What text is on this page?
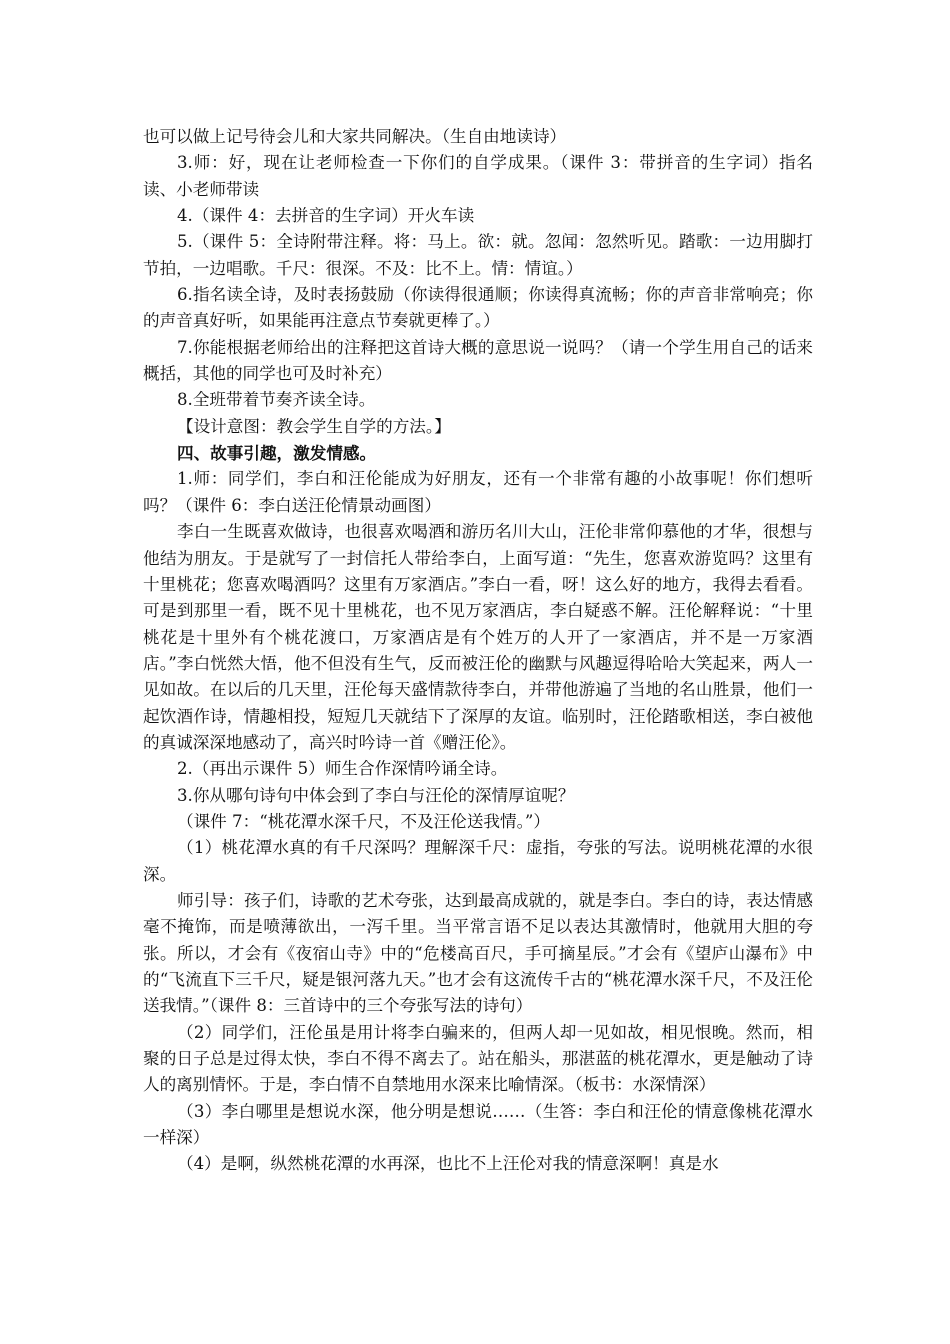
也可以做上记号待会儿和大家共同解决。（生自由地读诗）

3.师：好，现在让老师检查一下你们的自学成果。（课件 3：带拼音的生字词）指名读、小老师带读

4.（课件 4：去拼音的生字词）开火车读

5.（课件 5：全诗附带注释。将：马上。欲：就。忽闻：忽然听见。踏歌：一边用脚打节拍，一边唱歌。千尺：很深。不及：比不上。情：情谊。）

6.指名读全诗，及时表扬鼓励（你读得很通顺；你读得真流畅；你的声音非常响亮；你的声音真好听，如果能再注意点节奏就更棒了。）

7.你能根据老师给出的注释把这首诗大概的意思说一说吗？（请一个学生用自己的话来概括，其他的同学也可及时补充）

8.全班带着节奏齐读全诗。

【设计意图：教会学生自学的方法。】

四、故事引趣，激发情感。

1.师：同学们，李白和汪伦能成为好朋友，还有一个非常有趣的小故事呢！你们想听吗？（课件 6：李白送汪伦情景动画图）

李白一生既喜欢做诗，也很喜欢喝酒和游历名川大山，汪伦非常仰慕他的才华，很想与他结为朋友。于是就写了一封信托人带给李白，上面写道：“先生，您喜欢游览吗？这里有十里桃花；您喜欢喝酒吗？这里有万家酒店。”李白一看，呀！这么好的地方，我得去看看。可是到那里一看，既不见十里桃花，也不见万家酒店，李白疑惑不解。汪伦解释说：“十里桃花是十里外有个桃花渡口，万家酒店是有个姓万的人开了一家酒店，并不是一万家酒店。”李白恍然大悟，他不但没有生气，反而被汪伦的幽默与风趣逗得哈哈大笑起来，两人一见如故。在以后的几天里，汪伦每天盛情款待李白，并带他游遍了当地的名山胜景，他们一起饮酒作诗，情趣相投，短短几天就结下了深厚的友谊。临别时，汪伦踏歌相送，李白被他的真诚深深地感动了，高兴时吟诗一首《赠汪伦》。

2.（再出示课件 5）师生合作深情吟诵全诗。

3.你从哪句诗句中体会到了李白与汪伦的深情厚谊呢？

（课件 7：“桃花潭水深千尺，不及汪伦送我情。”）

（1）桃花潭水真的有千尺深吗？理解深千尺：虚指，夸张的写法。说明桃花潭的水很深。

师引导：孩子们，诗歌的艺术夸张，达到最高成就的，就是李白。李白的诗，表达情感毫不掩饰，而是喷薄欲出，一泻千里。当平常言语不足以表达其激情时，他就用大胆的夸张。所以，才会有《夜宿山寺》中的“危楼高百尺，手可摘星辰。”才会有《望庐山瀑布》中的“飞流直下三千尺，疑是银河落九天。”也才会有这流传千古的“桃花潭水深千尺，不及汪伦送我情。”（课件 8：三首诗中的三个夸张写法的诗句）

（2）同学们，汪伦虽是用计将李白骗来的，但两人却一见如故，相见恨晚。然而，相聚的日子总是过得太快，李白不得不离去了。站在船头，那湛蓝的桃花潭水，更是触动了诗人的离别情怀。于是，李白情不自禁地用水深来比喻情深。（板书：水深情深）

（3）李白哪里是想说水深，他分明是想说……（生答：李白和汪伦的情意像桃花潭水一样深）

（4）是啊，纵然桃花潭的水再深，也比不上汪伦对我的情意深啊！真是水
